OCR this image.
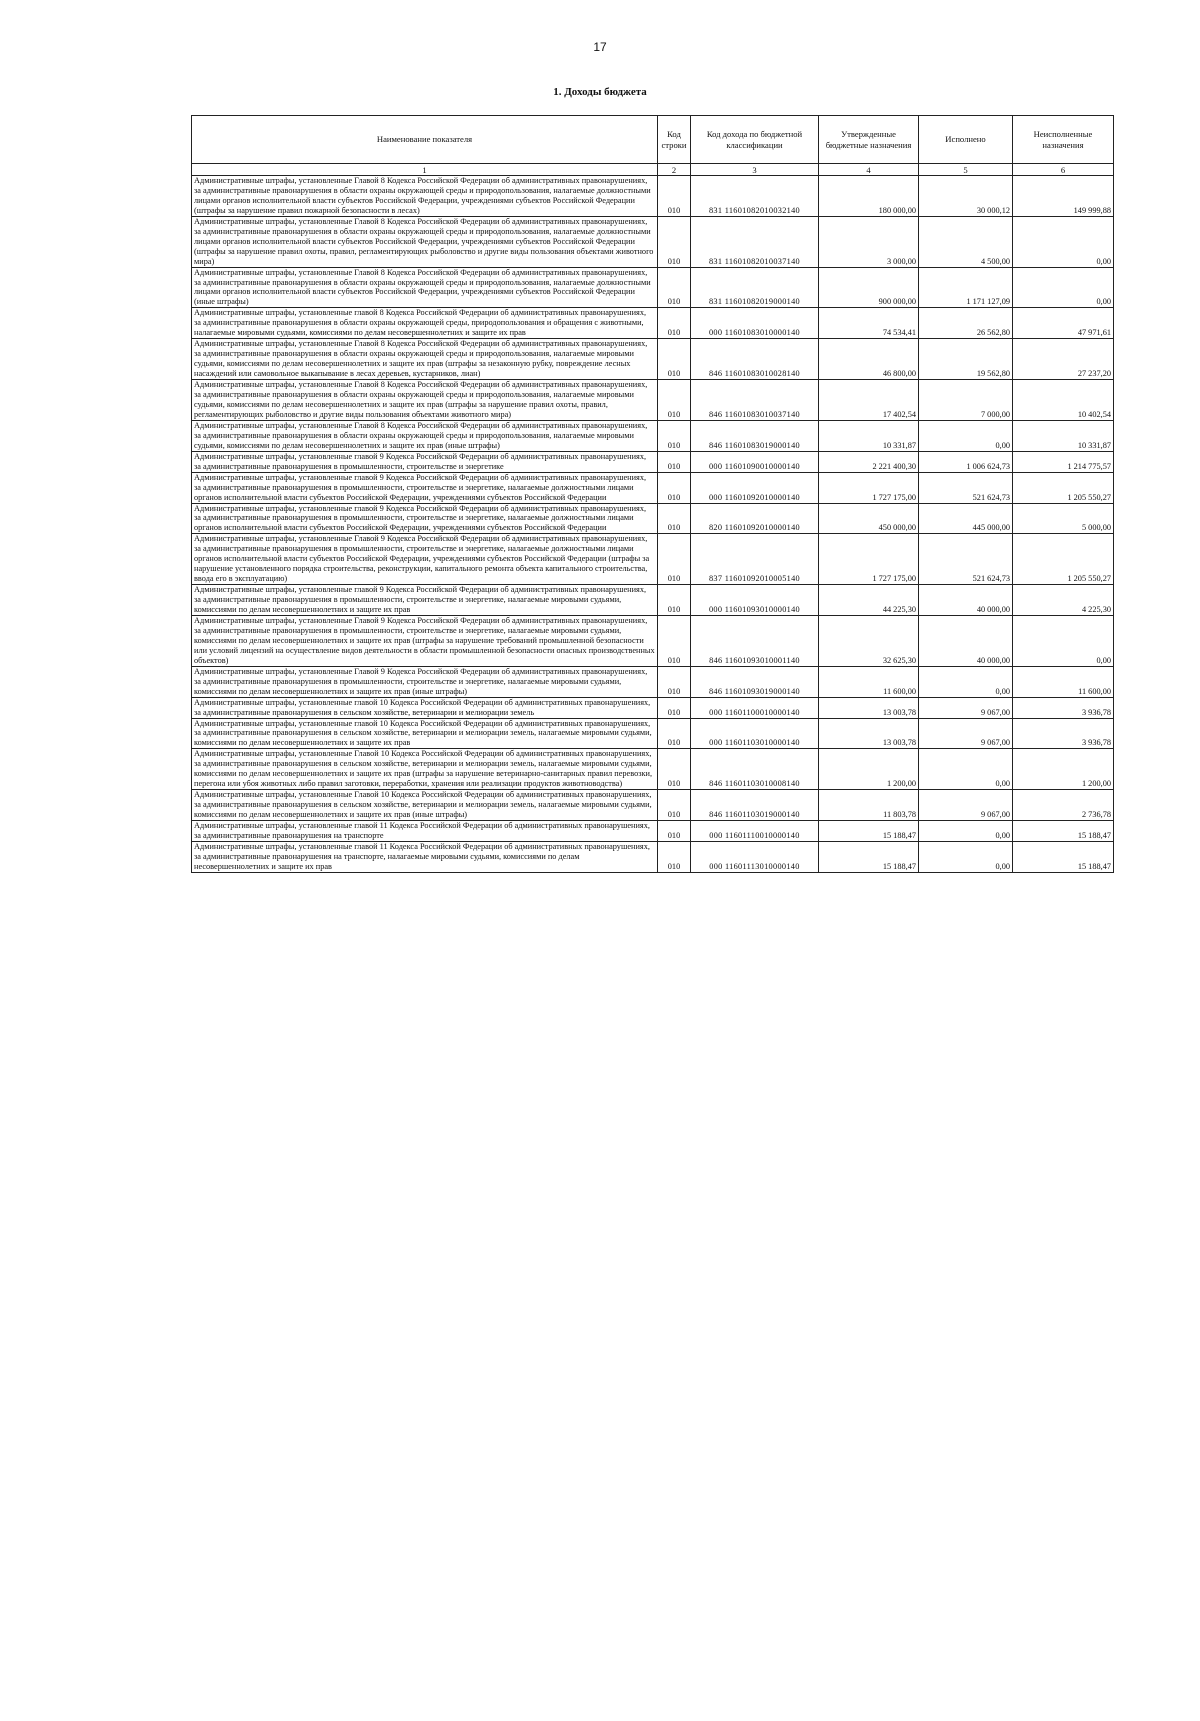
17
1. Доходы бюджета
Наименование показателя	Код строки	Код дохода по бюджетной классификации	Утвержденные бюджетные назначения	Исполнено	Неисполненные назначения
1	2	3	4	5	6
Административные штрафы, установленные Главой 8 Кодекса Российской Федерации об административных правонарушениях, за административные правонарушения в области охраны окружающей среды и природопользования, налагаемые должностными лицами органов исполнительной власти субъектов Российской Федерации, учреждениями субъектов Российской Федерации (штрафы за нарушение правил пожарной безопасности в лесах)	010	831 11601082010032140	180 000,00	30 000,12	149 999,88
Административные штрафы, установленные Главой 8 Кодекса Российской Федерации об административных правонарушениях, за административные правонарушения в области охраны окружающей среды и природопользования, налагаемые должностными лицами органов исполнительной власти субъектов Российской Федерации, учреждениями субъектов Российской Федерации (штрафы за нарушение правил охоты, правил, регламентирующих рыболовство и другие виды пользования объектами животного мира)	010	831 11601082010037140	3 000,00	4 500,00	0,00
Административные штрафы, установленные Главой 8 Кодекса Российской Федерации об административных правонарушениях, за административные правонарушения в области охраны окружающей среды и природопользования, налагаемые должностными лицами органов исполнительной власти субъектов Российской Федерации, учреждениями субъектов Российской Федерации (иные штрафы)	010	831 11601082019000140	900 000,00	1 171 127,09	0,00
Административные штрафы, установленные главой 8 Кодекса Российской Федерации об административных правонарушениях, за административные правонарушения в области охраны окружающей среды, природопользования и обращения с животными, налагаемые мировыми судьями, комиссиями по делам несовершеннолетних и защите их прав	010	000 11601083010000140	74 534,41	26 562,80	47 971,61
Административные штрафы, установленные Главой 8 Кодекса Российской Федерации об административных правонарушениях, за административные правонарушения в области охраны окружающей среды и природопользования, налагаемые мировыми судьями, комиссиями по делам несовершеннолетних и защите их прав (штрафы за незаконную рубку, повреждение лесных насаждений или самовольное выкапывание в лесах деревьев, кустарников, лиан)	010	846 11601083010028140	46 800,00	19 562,80	27 237,20
Административные штрафы, установленные Главой 8 Кодекса Российской Федерации об административных правонарушениях, за административные правонарушения в области охраны окружающей среды и природопользования, налагаемые мировыми судьями, комиссиями по делам несовершеннолетних и защите их прав (штрафы за нарушение правил охоты, правил, регламентирующих рыболовство и другие виды пользования объектами животного мира)	010	846 11601083010037140	17 402,54	7 000,00	10 402,54
Административные штрафы, установленные Главой 8 Кодекса Российской Федерации об административных правонарушениях, за административные правонарушения в области охраны окружающей среды и природопользования, налагаемые мировыми судьями, комиссиями по делам несовершеннолетних и защите их прав (иные штрафы)	010	846 11601083019000140	10 331,87	0,00	10 331,87
Административные штрафы, установленные главой 9 Кодекса Российской Федерации об административных правонарушениях, за административные правонарушения в промышленности, строительстве и энергетике	010	000 11601090010000140	2 221 400,30	1 006 624,73	1 214 775,57
Административные штрафы, установленные главой 9 Кодекса Российской Федерации об административных правонарушениях, за административные правонарушения в промышленности, строительстве и энергетике, налагаемые должностными лицами органов исполнительной власти субъектов Российской Федерации, учреждениями субъектов Российской Федерации	010	000 11601092010000140	1 727 175,00	521 624,73	1 205 550,27
Административные штрафы, установленные главой 9 Кодекса Российской Федерации об административных правонарушениях, за административные правонарушения в промышленности, строительстве и энергетике, налагаемые должностными лицами органов исполнительной власти субъектов Российской Федерации, учреждениями субъектов Российской Федерации	010	820 11601092010000140	450 000,00	445 000,00	5 000,00
Административные штрафы, установленные Главой 9 Кодекса Российской Федерации об административных правонарушениях, за административные правонарушения в промышленности, строительстве и энергетике, налагаемые должностными лицами органов исполнительной власти субъектов Российской Федерации, учреждениями субъектов Российской Федерации (штрафы за нарушение установленного порядка строительства, реконструкции, капитального ремонта объекта капитального строительства, ввода его в эксплуатацию)	010	837 11601092010005140	1 727 175,00	521 624,73	1 205 550,27
Административные штрафы, установленные главой 9 Кодекса Российской Федерации об административных правонарушениях, за административные правонарушения в промышленности, строительстве и энергетике, налагаемые мировыми судьями, комиссиями по делам несовершеннолетних и защите их прав	010	000 11601093010000140	44 225,30	40 000,00	4 225,30
Административные штрафы, установленные Главой 9 Кодекса Российской Федерации об административных правонарушениях, за административные правонарушения в промышленности, строительстве и энергетике, налагаемые мировыми судьями, комиссиями по делам несовершеннолетних и защите их прав (штрафы за нарушение требований промышленной безопасности или условий лицензий на осуществление видов деятельности в области промышленной безопасности опасных производственных объектов)	010	846 11601093010001140	32 625,30	40 000,00	0,00
Административные штрафы, установленные Главой 9 Кодекса Российской Федерации об административных правонарушениях, за административные правонарушения в промышленности, строительстве и энергетике, налагаемые мировыми судьями, комиссиями по делам несовершеннолетних и защите их прав (иные штрафы)	010	846 11601093019000140	11 600,00	0,00	11 600,00
Административные штрафы, установленные главой 10 Кодекса Российской Федерации об административных правонарушениях, за административные правонарушения в сельском хозяйстве, ветеринарии и мелиорации земель	010	000 11601100010000140	13 003,78	9 067,00	3 936,78
Административные штрафы, установленные главой 10 Кодекса Российской Федерации об административных правонарушениях, за административные правонарушения в сельском хозяйстве, ветеринарии и мелиорации земель, налагаемые мировыми судьями, комиссиями по делам несовершеннолетних и защите их прав	010	000 11601103010000140	13 003,78	9 067,00	3 936,78
Административные штрафы, установленные Главой 10 Кодекса Российской Федерации об административных правонарушениях, за административные правонарушения в сельском хозяйстве, ветеринарии и мелиорации земель, налагаемые мировыми судьями, комиссиями по делам несовершеннолетних и защите их прав (штрафы за нарушение ветеринарно-санитарных правил перевозки, перегона или убоя животных либо правил заготовки, переработки, хранения или реализации продуктов животноводства)	010	846 11601103010008140	1 200,00	0,00	1 200,00
Административные штрафы, установленные Главой 10 Кодекса Российской Федерации об административных правонарушениях, за административные правонарушения в сельском хозяйстве, ветеринарии и мелиорации земель, налагаемые мировыми судьями, комиссиями по делам несовершеннолетних и защите их прав (иные штрафы)	010	846 11601103019000140	11 803,78	9 067,00	2 736,78
Административные штрафы, установленные главой 11 Кодекса Российской Федерации об административных правонарушениях, за административные правонарушения на транспорте	010	000 11601110010000140	15 188,47	0,00	15 188,47
Административные штрафы, установленные главой 11 Кодекса Российской Федерации об административных правонарушениях, за административные правонарушения на транспорте, налагаемые мировыми судьями, комиссиями по делам несовершеннолетних и защите их прав	010	000 11601113010000140	15 188,47	0,00	15 188,47
